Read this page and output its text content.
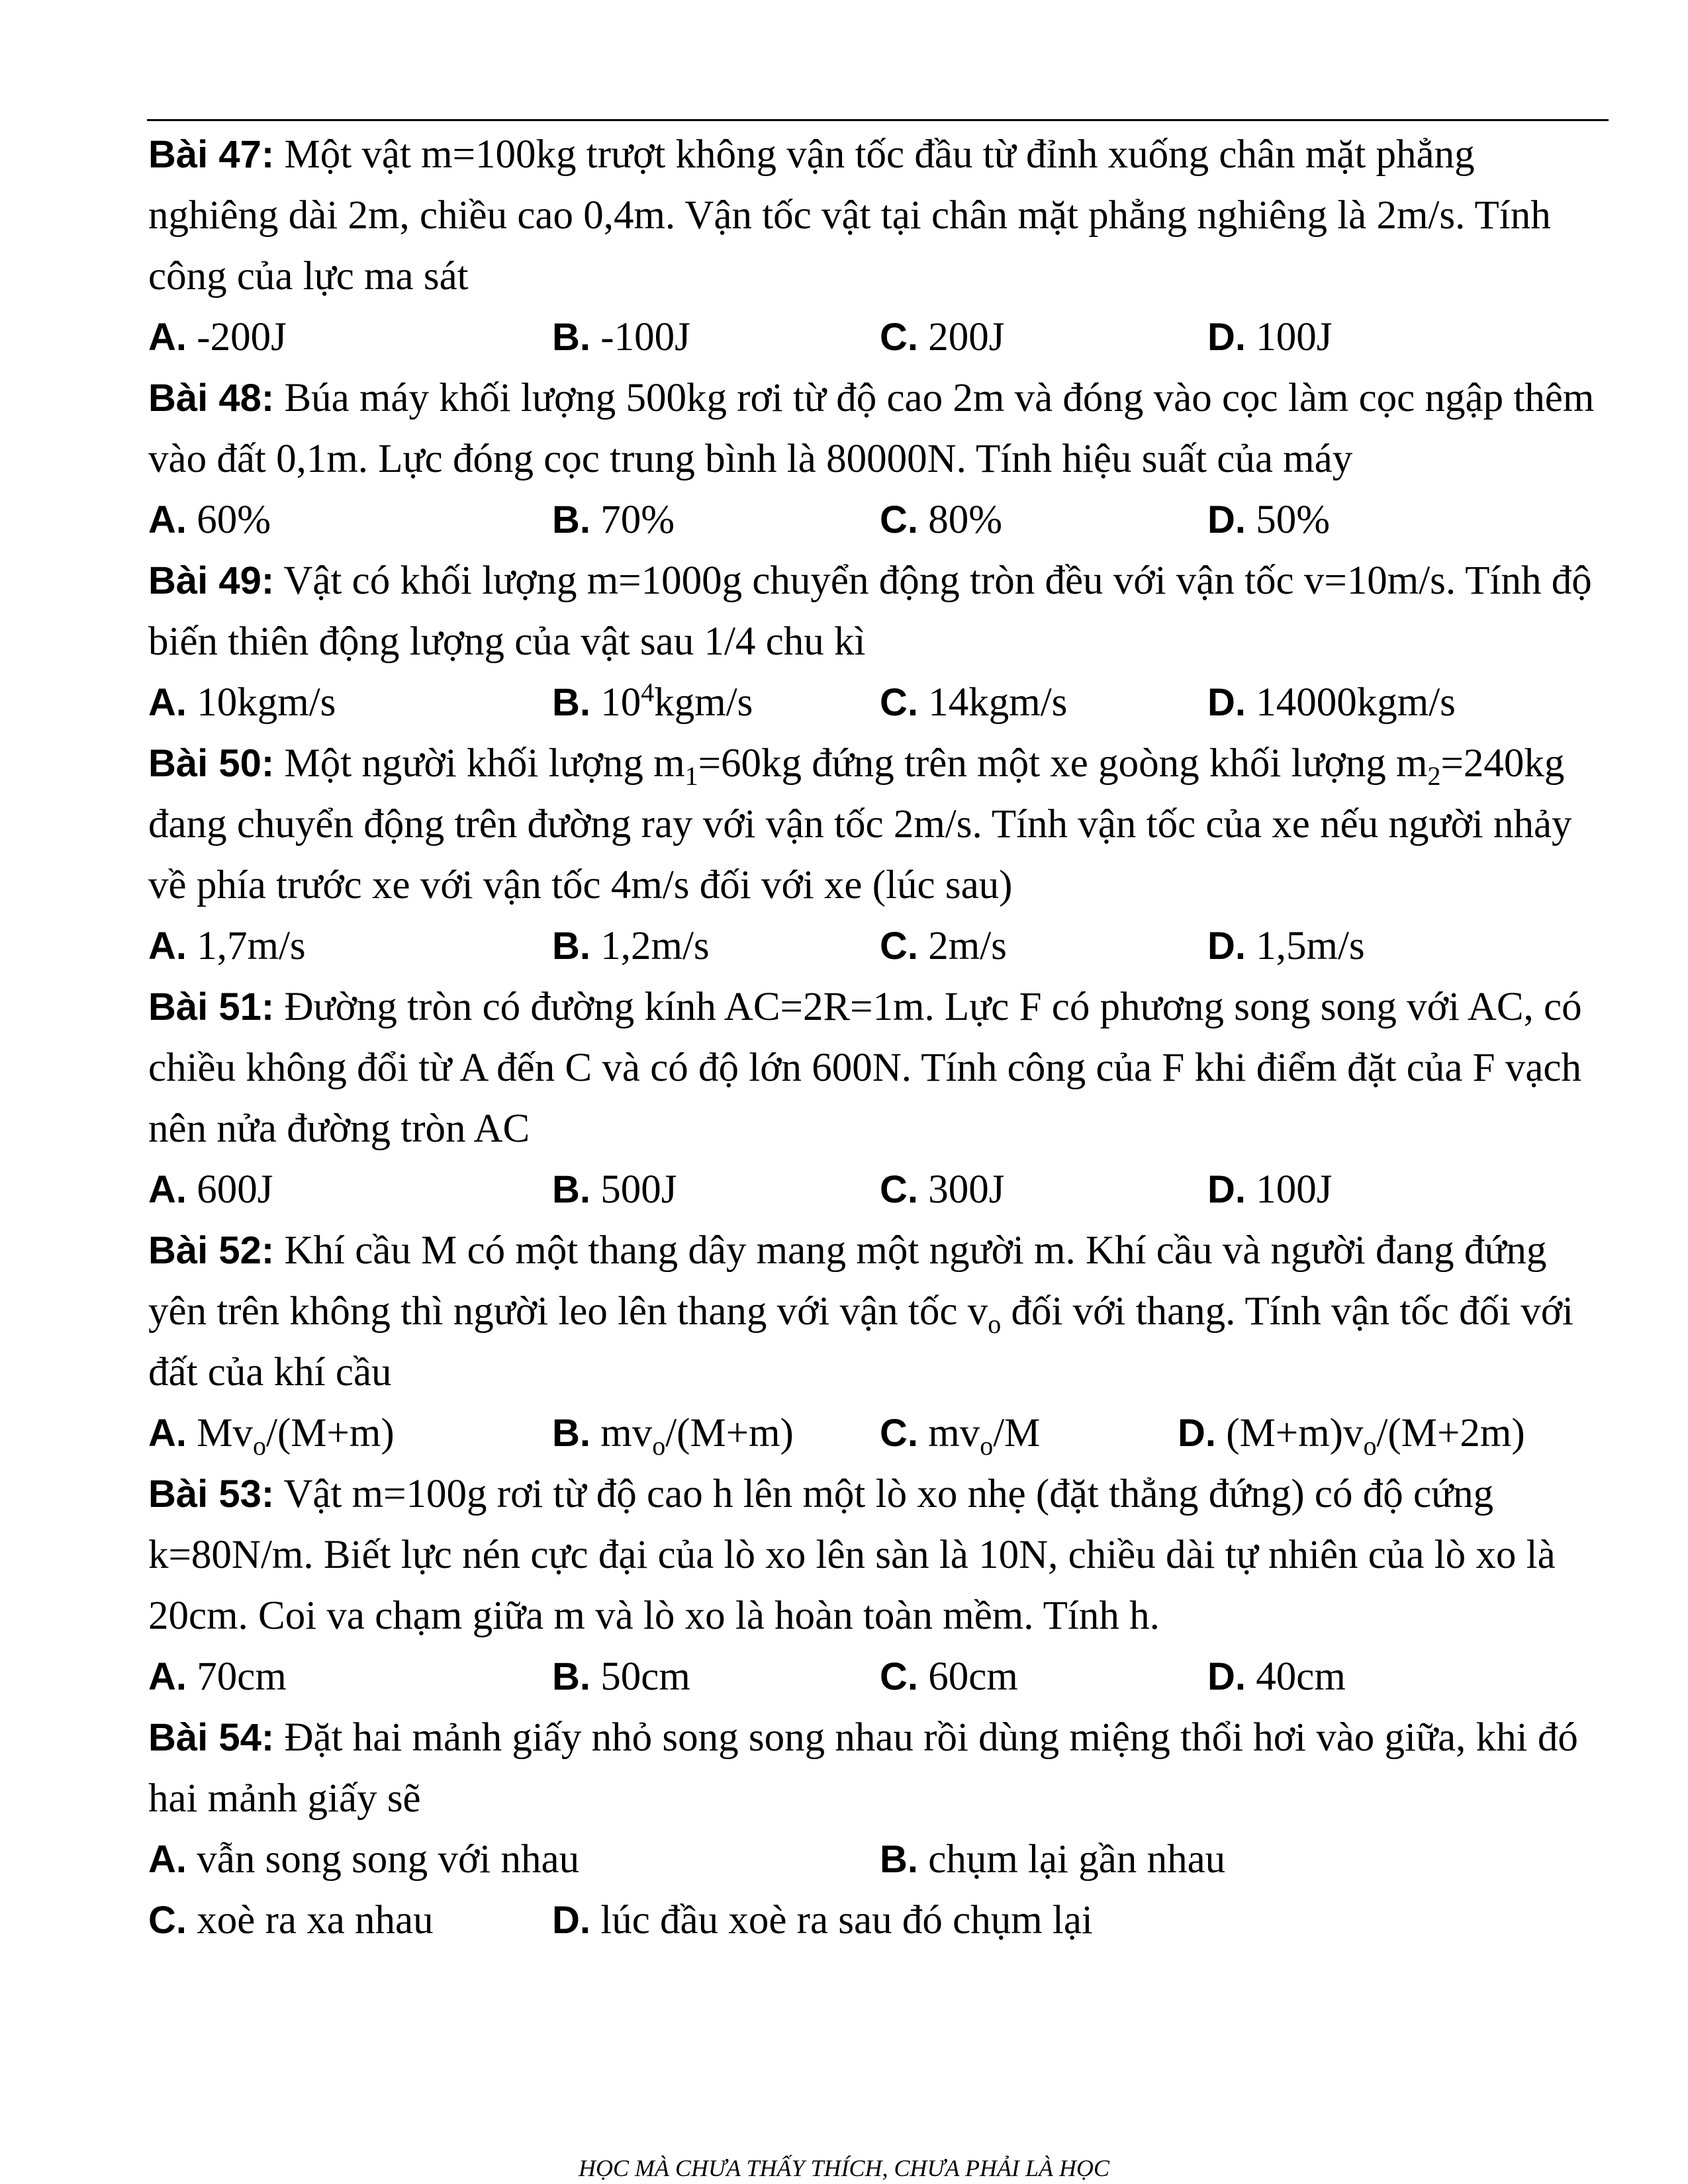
Bài 47: Một vật m=100kg trượt không vận tốc đầu từ đỉnh xuống chân mặt phẳng nghiêng dài 2m, chiều cao 0,4m. Vận tốc vật tại chân mặt phẳng nghiêng là 2m/s. Tính công của lực ma sát

A. -200J	B. -100J	C. 200J	D. 100J

Bài 48: Búa máy khối lượng 500kg rơi từ độ cao 2m và đóng vào cọc làm cọc ngập thêm vào đất 0,1m. Lực đóng cọc trung bình là 80000N. Tính hiệu suất của máy

A. 60%	B. 70%	C. 80%	D. 50%

Bài 49: Vật có khối lượng m=1000g chuyển động tròn đều với vận tốc v=10m/s. Tính độ biến thiên động lượng của vật sau 1/4 chu kì

A. 10kgm/s	B. $10^4kgm/s$	C. 14kgm/s	D. 14000kgm/s

Bài 50: Một người khối lượng $m_1=60kg$ đứng trên một xe goòng khối lượng $m_2=240kg$ đang chuyển động trên đường ray với vận tốc 2m/s. Tính vận tốc của xe nếu người nhảy về phía trước xe với vận tốc 4m/s đối với xe (lúc sau)

A. 1,7m/s	B. 1,2m/s	C. 2m/s	D. 1,5m/s

Bài 51: Đường tròn có đường kính AC=2R=1m. Lực F có phương song song với AC, có chiều không đổi từ A đến C và có độ lớn 600N. Tính công của F khi điểm đặt của F vạch nên nửa đường tròn AC

A. 600J	B. 500J	C. 300J	D. 100J

Bài 52: Khí cầu M có một thang dây mang một người m. Khí cầu và người đang đứng yên trên không thì người leo lên thang với vận tốc $v_o$ đối với thang. Tính vận tốc đối với đất của khí cầu

A. $Mv_o/(M+m)$	B. $mv_o/(M+m)$ C. $mv_o/M$	D. $(M+m)v_o/(M+2m)$

Bài 53: Vật m=100g rơi từ độ cao h lên một lò xo nhẹ (đặt thẳng đứng) có độ cứng k=80N/m. Biết lực nén cực đại của lò xo lên sàn là 10N, chiều dài tự nhiên của lò xo là 20cm. Coi va chạm giữa m và lò xo là hoàn toàn mềm. Tính h.

A. 70cm	B. 50cm	C. 60cm	D. 40cm

Bài 54: Đặt hai mảnh giấy nhỏ song song nhau rồi dùng miệng thổi hơi vào giữa, khi đó hai mảnh giấy sẽ

A. vẫn song song với nhau	B. chụm lại gần nhau
C. xoè ra xa nhau	D. lúc đầu xoè ra sau đó chụm lại
HỌC MÀ CHƯA THẤY THÍCH, CHƯA PHẢI LÀ HỌC
